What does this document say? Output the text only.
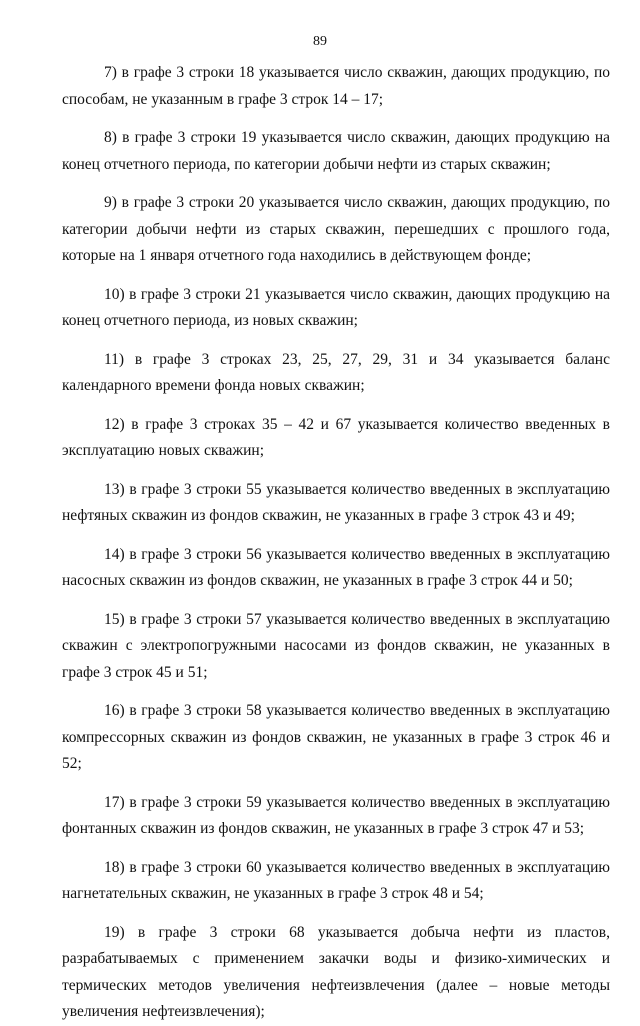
89

7) в графе 3 строки 18 указывается число скважин, дающих продукцию, по способам, не указанным в графе 3 строк 14 – 17;

8) в графе 3 строки 19 указывается число скважин, дающих продукцию на конец отчетного периода, по категории добычи нефти из старых скважин;

9) в графе 3 строки 20 указывается число скважин, дающих продукцию, по категории добычи нефти из старых скважин, перешедших с прошлого года, которые на 1 января отчетного года находились в действующем фонде;

10) в графе 3 строки 21 указывается число скважин, дающих продукцию на конец отчетного периода, из новых скважин;

11) в графе 3 строках 23, 25, 27, 29, 31 и 34 указывается баланс календарного времени фонда новых скважин;

12) в графе 3 строках 35 – 42 и 67 указывается количество введенных в эксплуатацию новых скважин;

13) в графе 3 строки 55 указывается количество введенных в эксплуатацию нефтяных скважин из фондов скважин, не указанных в графе 3 строк 43 и 49;

14) в графе 3 строки 56 указывается количество введенных в эксплуатацию насосных скважин из фондов скважин, не указанных в графе 3 строк 44 и 50;

15) в графе 3 строки 57 указывается количество введенных в эксплуатацию скважин с электропогружными насосами из фондов скважин, не указанных в графе 3 строк 45 и 51;

16) в графе 3 строки 58 указывается количество введенных в эксплуатацию компрессорных скважин из фондов скважин, не указанных в графе 3 строк 46 и 52;

17) в графе 3 строки 59 указывается количество введенных в эксплуатацию фонтанных скважин из фондов скважин, не указанных в графе 3 строк 47 и 53;

18) в графе 3 строки 60 указывается количество введенных в эксплуатацию нагнетательных скважин, не указанных в графе 3 строк 48 и 54;

19) в графе 3 строки 68 указывается добыча нефти из пластов, разрабатываемых с применением закачки воды и физико-химических и термических методов увеличения нефтеизвлечения (далее – новые методы увеличения нефтеизвлечения);
